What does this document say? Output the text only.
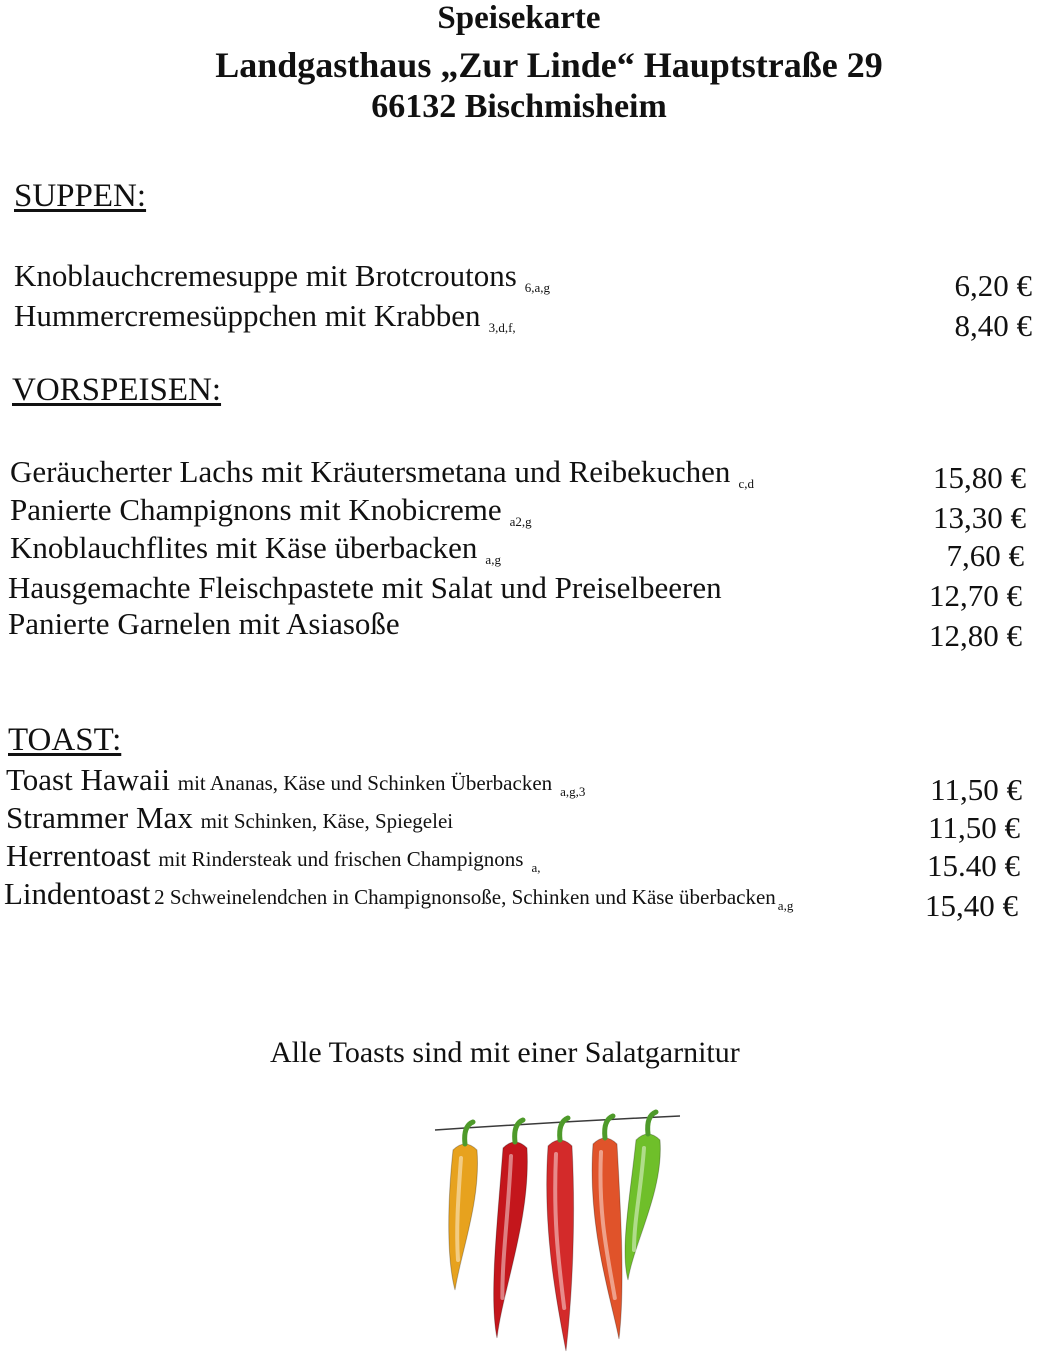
Speisekarte
Landgasthaus „Zur Linde“ Hauptstraße 29
66132 Bischmisheim
SUPPEN:
Knoblauchcremesuppe mit Brotcroutons 6,a,g	6,20 €
Hummercremesüppchen mit Krabben 3,d,f,	8,40 €
VORSPEISEN:
Geräucherter Lachs mit Kräutersmetana und Reibekuchen c,d	15,80 €
Panierte Champignons mit Knobicreme a2,g	13,30 €
Knoblauchflites mit Käse überbacken a,g	7,60 €
Hausgemachte Fleischpastete mit Salat und Preiselbeeren	12,70 €
Panierte Garnelen mit Asiasoße	12,80 €
TOAST:
Toast Hawaii mit Ananas, Käse und Schinken Überbacken a,g,3	11,50 €
Strammer Max mit Schinken, Käse, Spiegelei	11,50 €
Herrentoast mit Rindersteak und frischen Champignons a,	15.40 €
Lindentoast 2 Schweinelendchen in Champignonsoße, Schinken und Käse überbacken a,g	15,40 €
Alle Toasts sind mit einer Salatgarnitur
